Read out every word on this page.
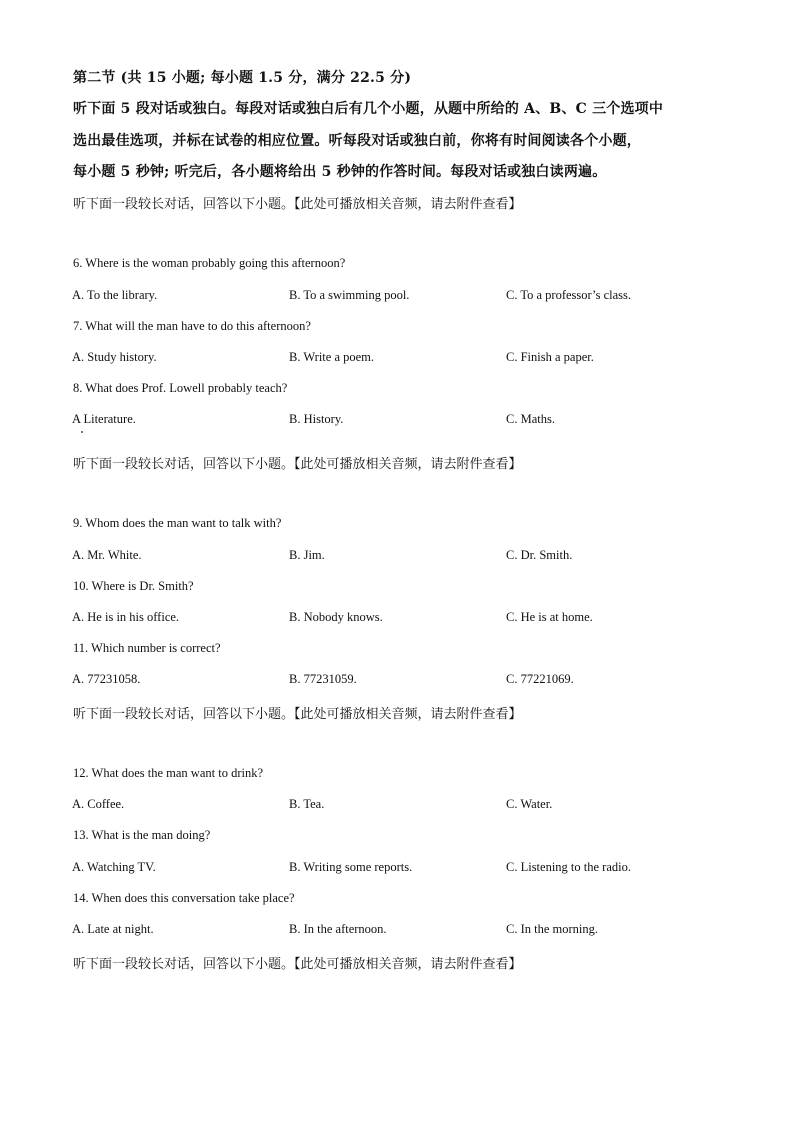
第二节 (共 15 小题; 每小题 1.5 分，满分 22.5 分)
听下面 5 段对话或独白。每段对话或独白后有几个小题，从题中所给的 A、B、C 三个选项中
选出最佳选项，并标在试卷的相应位置。听每段对话或独白前，你将有时间阅读各个小题，
每小题 5 秒钟; 听完后，各小题将给出 5 秒钟的作答时间。每段对话或独白读两遍。
听下面一段较长对话，回答以下小题。【此处可播放相关音频，请去附件查看】
6. Where is the woman probably going this afternoon?
A. To the library.	B. To a swimming pool.	C. To a professor’s class.
7. What will the man have to do this afternoon?
A. Study history.	B. Write a poem.	C. Finish a paper.
8. What does Prof. Lowell probably teach?
A Literature.	B. History.	C. Maths.
听下面一段较长对话，回答以下小题。【此处可播放相关音频，请去附件查看】
9. Whom does the man want to talk with?
A. Mr. White.	B. Jim.	C. Dr. Smith.
10. Where is Dr. Smith?
A. He is in his office.	B. Nobody knows.	C. He is at home.
11. Which number is correct?
A. 77231058.	B. 77231059.	C. 77221069.
听下面一段较长对话，回答以下小题。【此处可播放相关音频，请去附件查看】
12. What does the man want to drink?
A. Coffee.	B. Tea.	C. Water.
13. What is the man doing?
A. Watching TV.	B. Writing some reports.	C. Listening to the radio.
14. When does this conversation take place?
A. Late at night.	B. In the afternoon.	C. In the morning.
听下面一段较长对话，回答以下小题。【此处可播放相关音频，请去附件查看】
